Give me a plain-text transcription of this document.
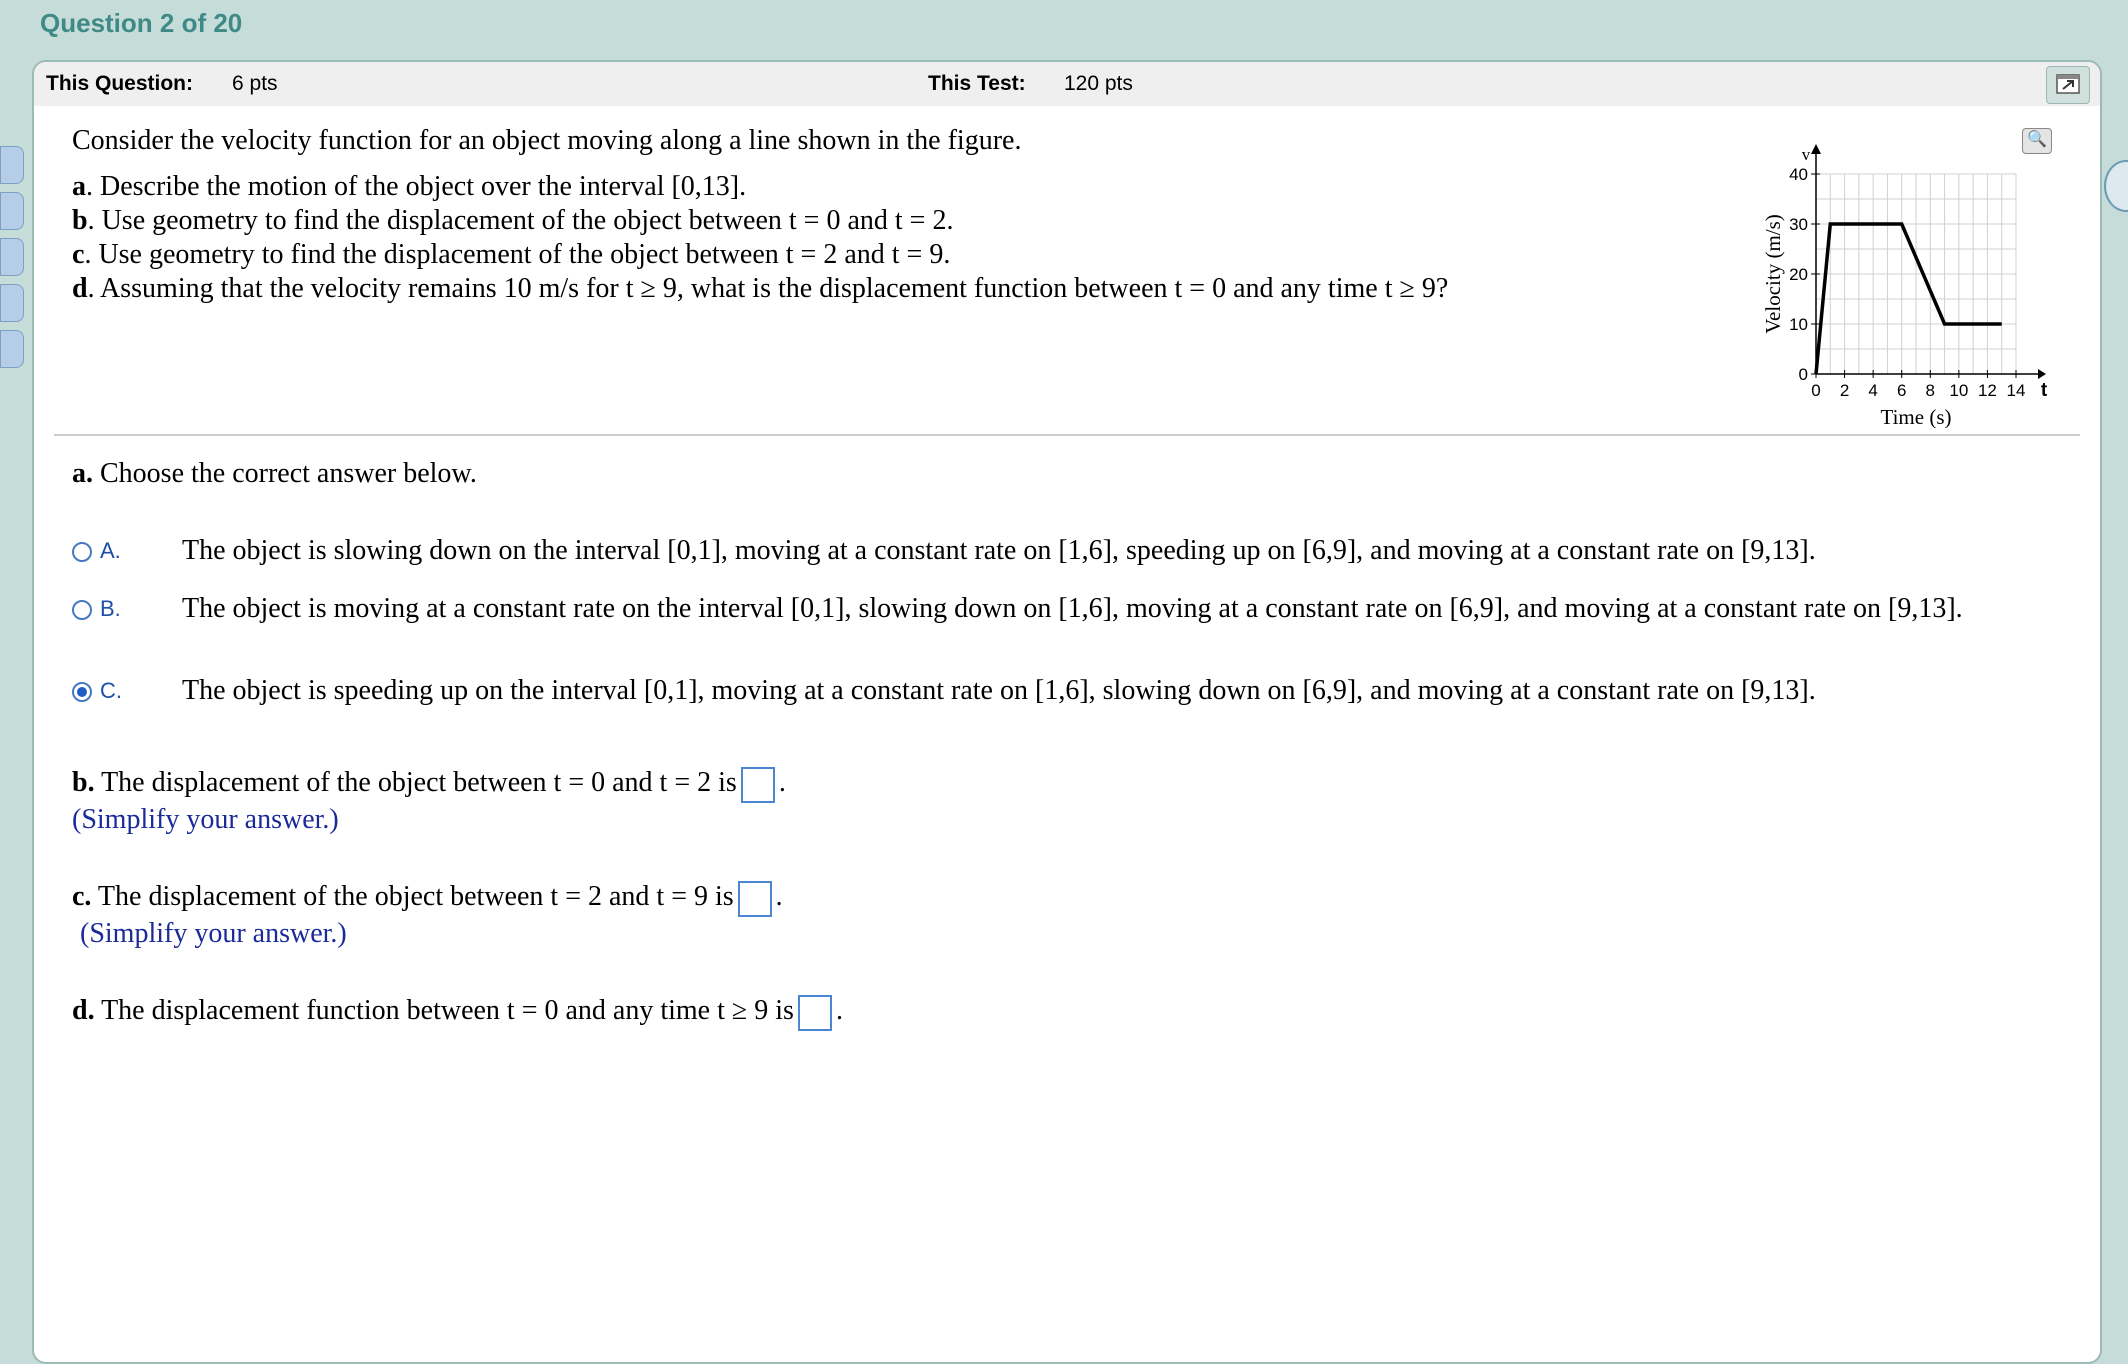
Question 2 of 20
This Question: 6 pts	This Test: 120 pts
Consider the velocity function for an object moving along a line shown in the figure.
a. Describe the motion of the object over the interval [0,13].
b. Use geometry to find the displacement of the object between t = 0 and t = 2.
c. Use geometry to find the displacement of the object between t = 2 and t = 9.
d. Assuming that the velocity remains 10 m/s for t ≥ 9, what is the displacement function between t = 0 and any time t ≥ 9?
0 2 4 6 8 10 12 14
0
10
20
30
40
t
v
Time (s)
Velocity (m/s)
🔍
a. Choose the correct answer below.
A. The object is slowing down on the interval [0,1], moving at a constant rate on [1,6], speeding up on [6,9], and moving at a constant rate on [9,13].
B. The object is moving at a constant rate on the interval [0,1], slowing down on [1,6], moving at a constant rate on [6,9], and moving at a constant rate on [9,13].
C. The object is speeding up on the interval [0,1], moving at a constant rate on [1,6], slowing down on [6,9], and moving at a constant rate on [9,13].
b. The displacement of the object between t = 0 and t = 2 is .
(Simplify your answer.)
c. The displacement of the object between t = 2 and t = 9 is .
(Simplify your answer.)
d. The displacement function between t = 0 and any time t ≥ 9 is .
